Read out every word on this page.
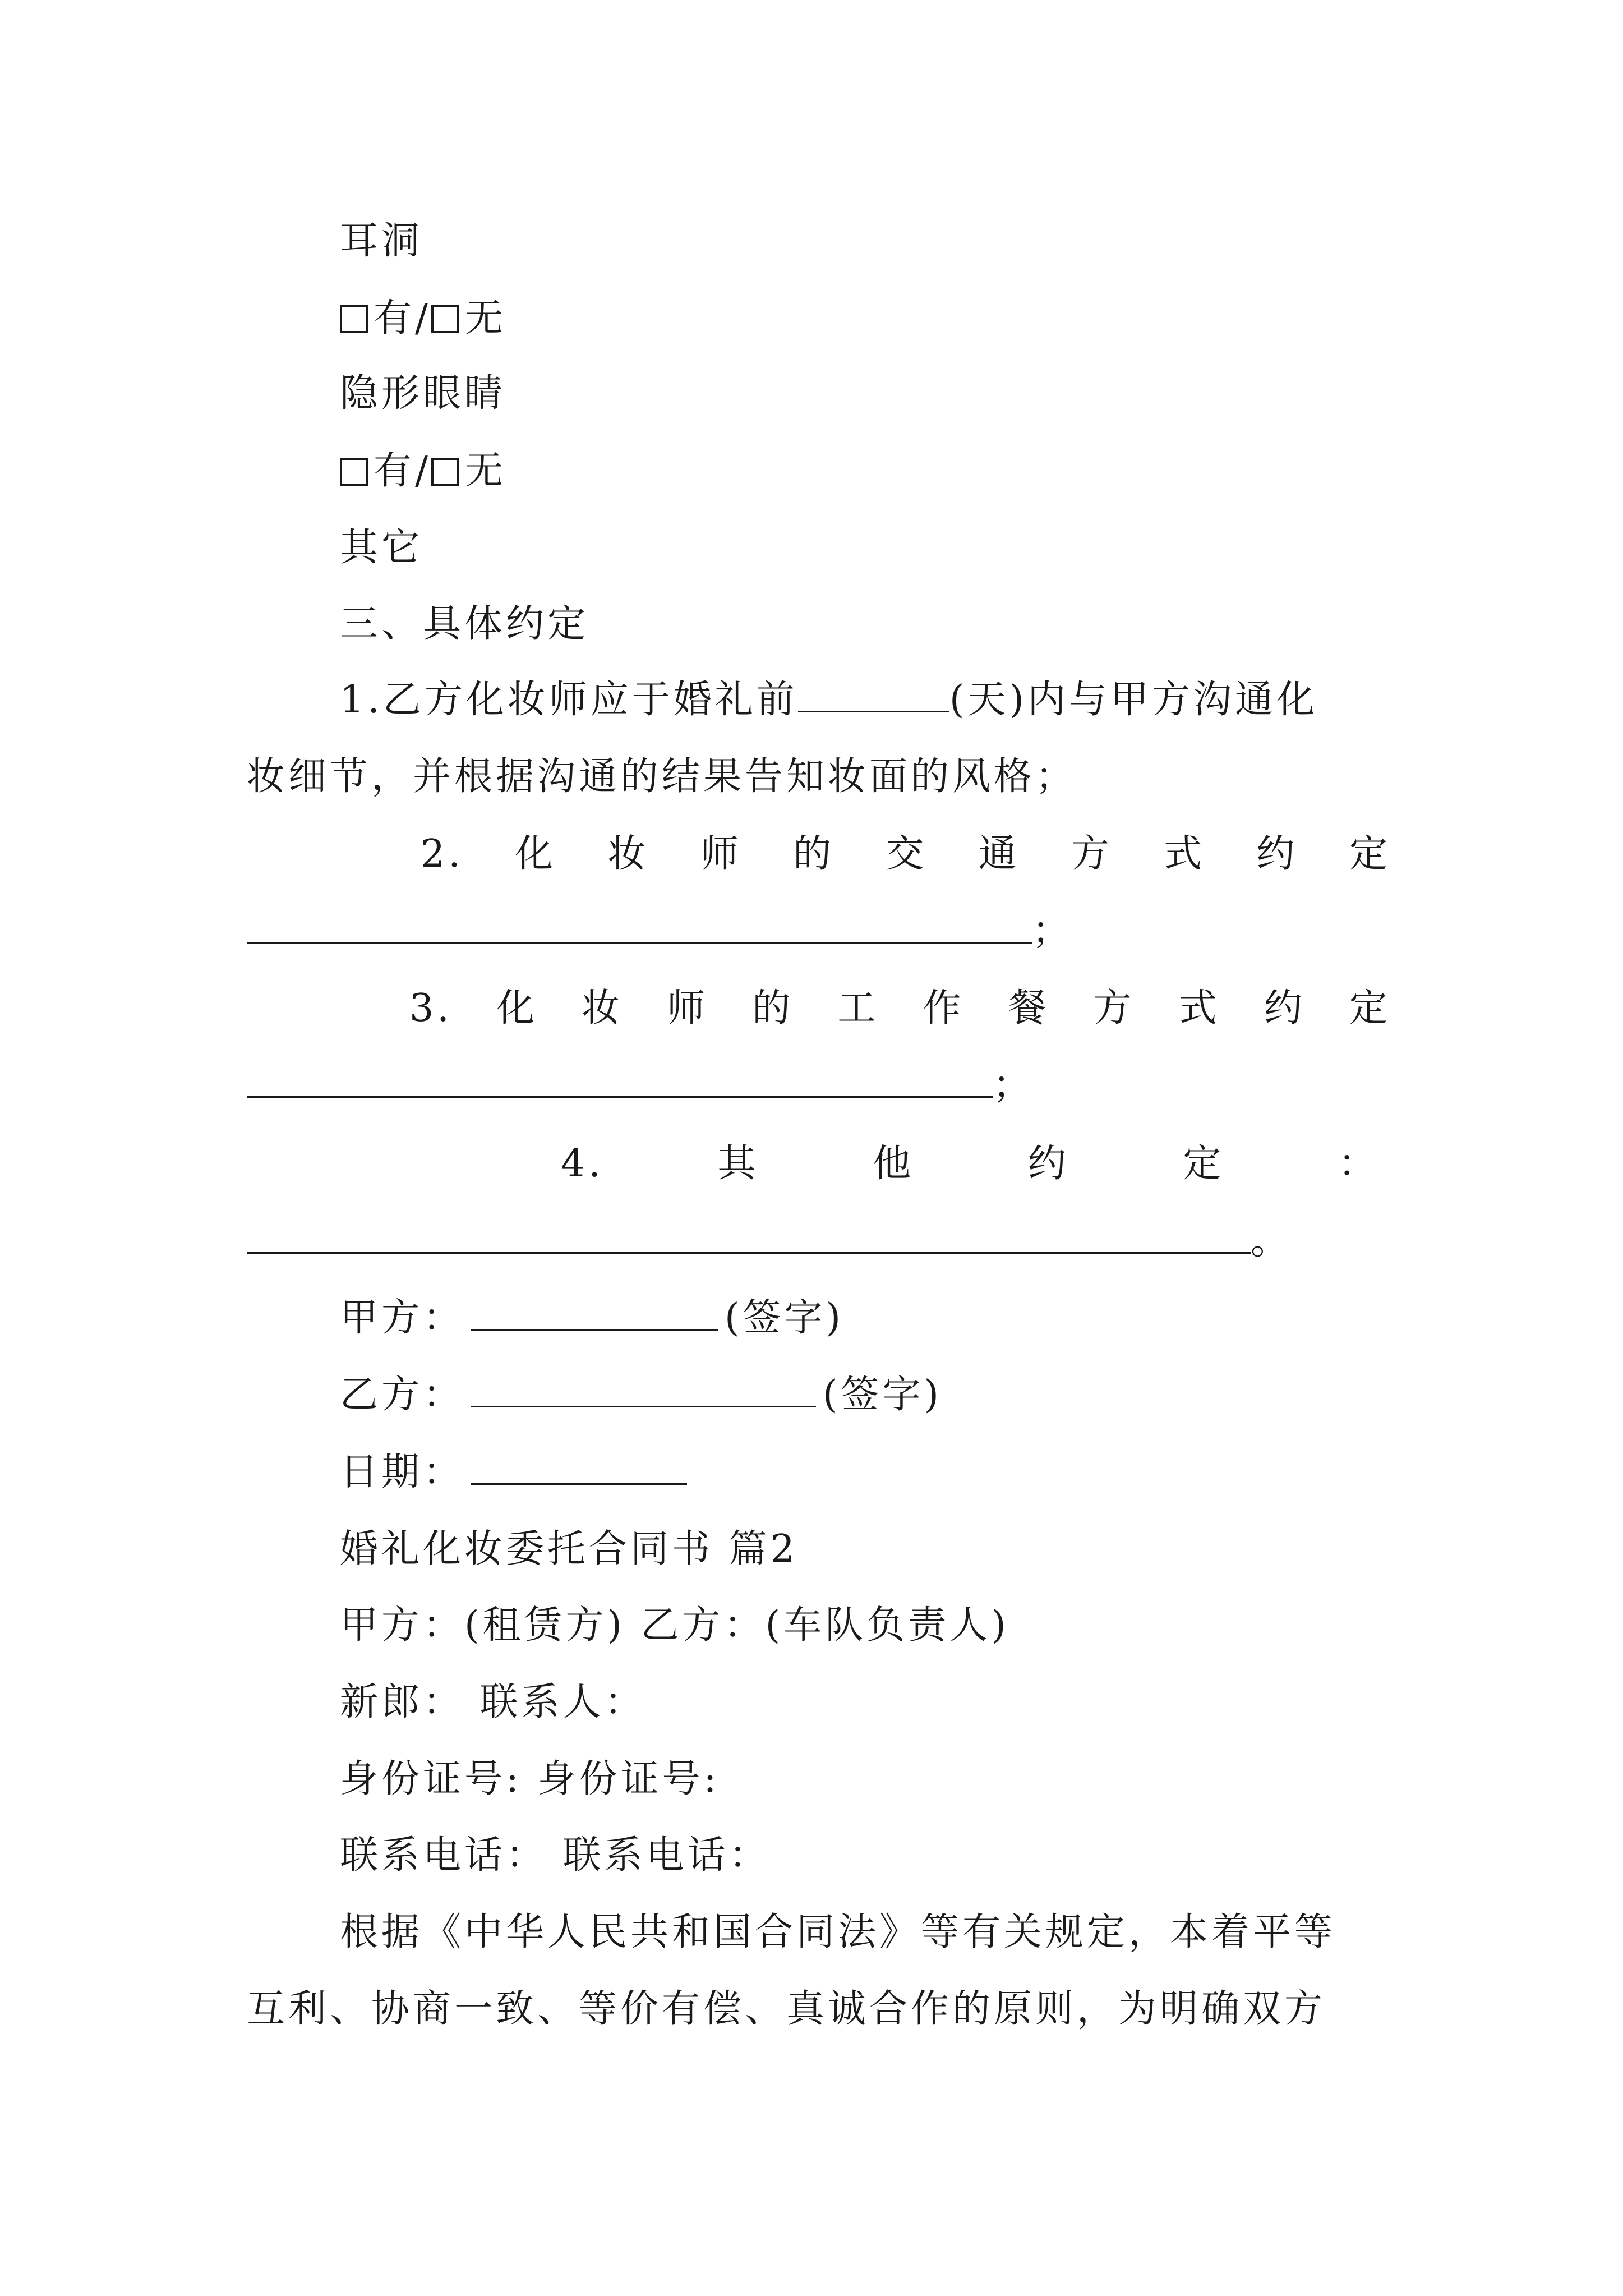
耳洞
有/ 无
隐形眼睛
有/ 无
其它
三、具体约定
1.乙方化妆师应于婚礼前	(天)内与甲方沟通化
妆细节，并根据沟通的结果告知妆面的风格；
2. 化 妆 师 的 交 通 方 式 约 定
；
3. 化 妆 师 的 工 作 餐 方 式 约 定
；
4.	其	他	约	定	：
。
甲方：	(签字)
乙方：	(签字)
日期：
婚礼化妆委托合同书 篇2
甲方：(租赁方) 乙方：(车队负责人)
新郎： 联系人：
身份证号: 身份证号:
联系电话： 联系电话：
根据《中华人民共和国合同法》等有关规定，本着平等
互利、协商一致、等价有偿、真诚合作的原则，为明确双方
